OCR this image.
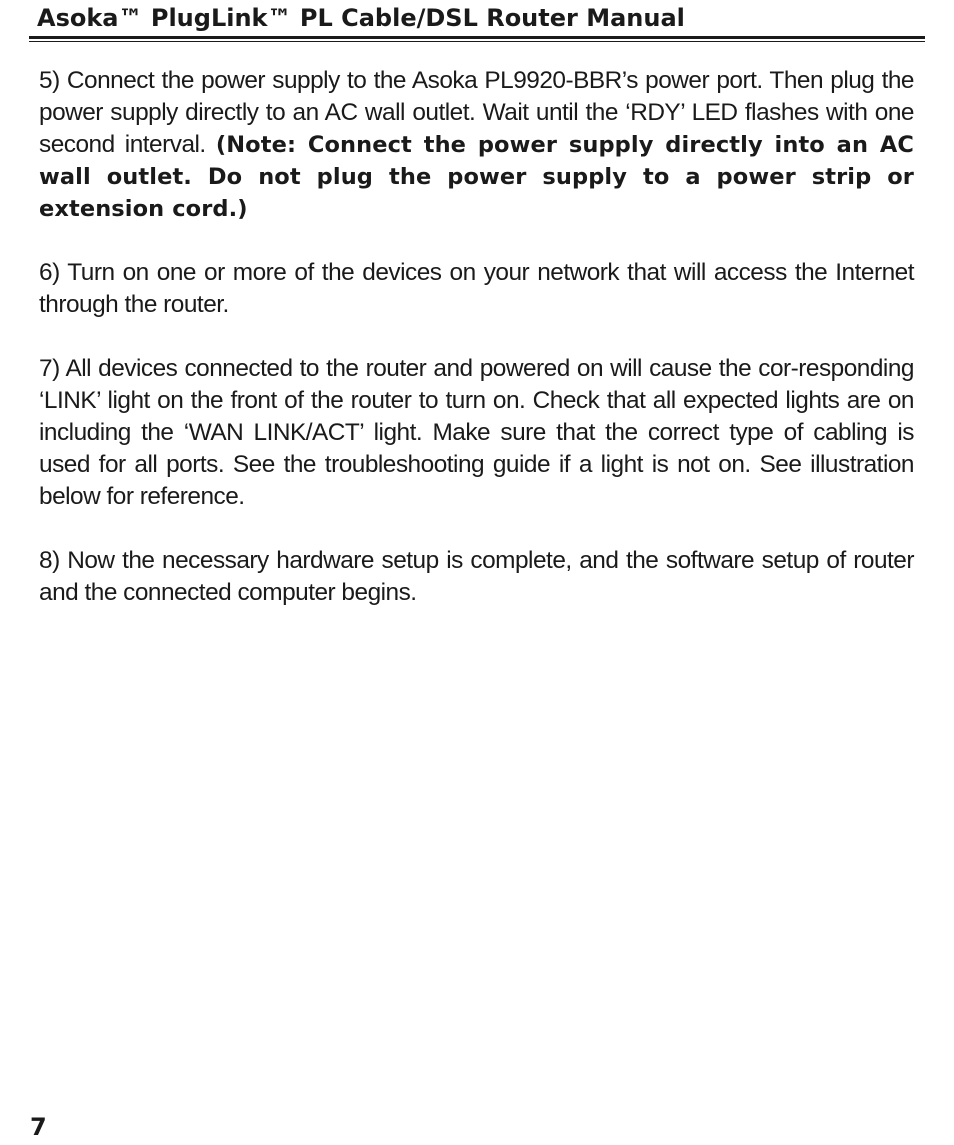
Asoka™ PlugLink™ PL Cable/DSL Router Manual

5) Connect the power supply to the Asoka PL9920-BBR’s power port. Then plug the power supply directly to an AC wall outlet. Wait until the ‘RDY’ LED flashes with one second interval. (Note: Connect the power supply directly into an AC wall outlet. Do not plug the power supply to a power strip or extension cord.)

6) Turn on one or more of the devices on your network that will access the Internet through the router.

7) All devices connected to the router and powered on will cause the cor-responding ‘LINK’ light on the front of the router to turn on. Check that all expected lights are on including the ‘WAN LINK/ACT’ light. Make sure that the correct type of cabling is used for all ports. See the troubleshooting guide if a light is not on. See illustration below for reference.

8) Now the necessary hardware setup is complete, and the software setup of router and the connected computer begins.

7
